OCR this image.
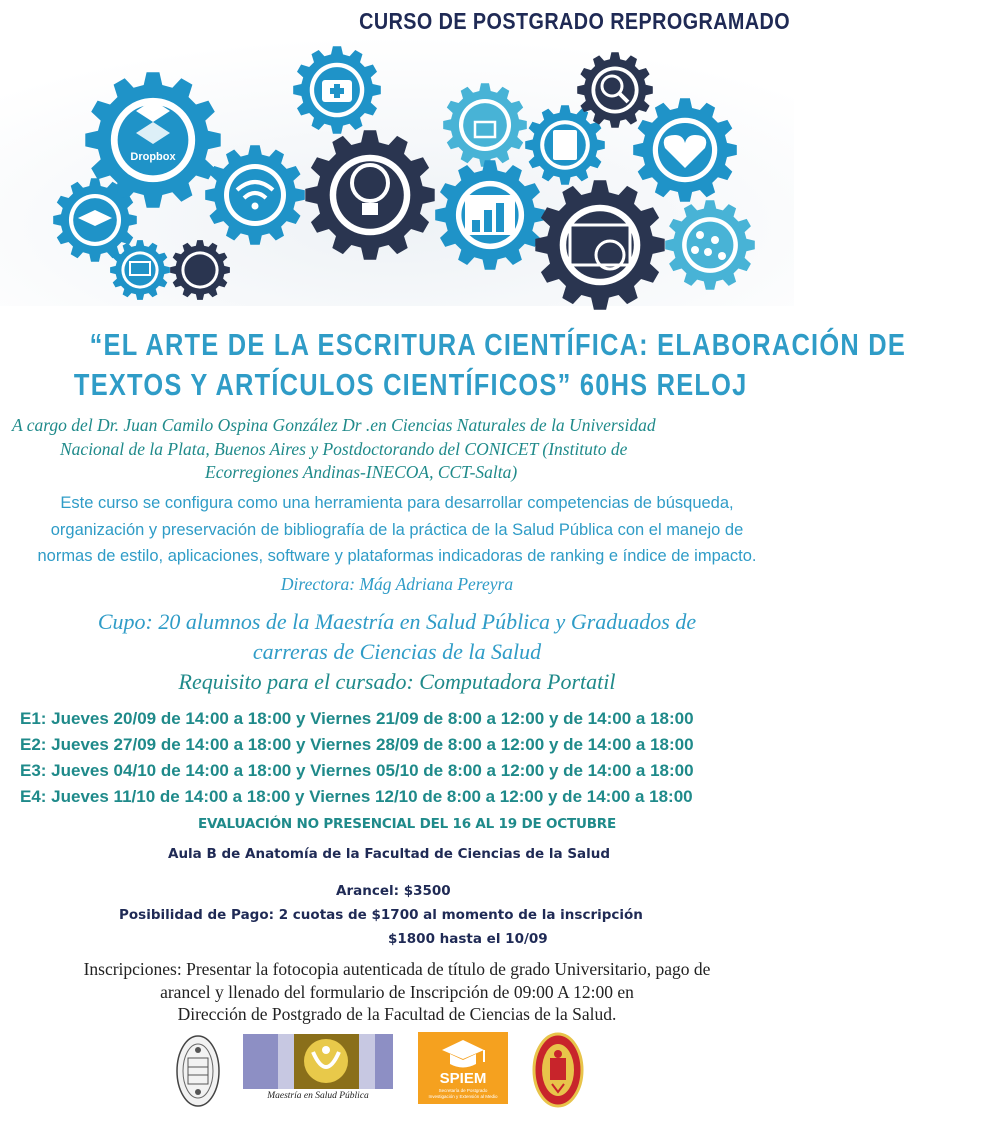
CURSO DE POSTGRADO REPROGRAMADO
Dropbox
“EL ARTE DE LA ESCRITURA CIENTÍFICA: ELABORACIÓN DE
TEXTOS Y ARTÍCULOS CIENTÍFICOS” 60HS RELOJ
A cargo del Dr. Juan Camilo Ospina González Dr .en Ciencias Naturales de la Universidad
Nacional de la Plata, Buenos Aires y Postdoctorando del CONICET (Instituto de
Ecorregiones Andinas-INECOA, CCT-Salta)
Este curso se configura como una herramienta para desarrollar competencias de búsqueda,
organización y preservación de bibliografía de la práctica de la Salud Pública con el manejo de
normas de estilo, aplicaciones, software y plataformas indicadoras de ranking e índice de impacto.
Directora: Mág Adriana Pereyra
Cupo: 20 alumnos de la Maestría en Salud Pública y Graduados de
carreras de Ciencias de la Salud
Requisito para el cursado: Computadora Portatil
E1: Jueves 20/09 de 14:00 a 18:00 y Viernes 21/09 de 8:00 a 12:00 y de 14:00 a 18:00
E2: Jueves 27/09 de 14:00 a 18:00 y Viernes 28/09 de 8:00 a 12:00 y de 14:00 a 18:00
E3: Jueves 04/10 de 14:00 a 18:00 y Viernes 05/10 de 8:00 a 12:00 y de 14:00 a 18:00
E4: Jueves 11/10 de 14:00 a 18:00 y Viernes 12/10 de 8:00 a 12:00 y de 14:00 a 18:00
EVALUACIÓN NO PRESENCIAL DEL 16 AL 19 DE OCTUBRE
Aula B de Anatomía de la Facultad de Ciencias de la Salud
Arancel: $3500
Posibilidad de Pago: 2 cuotas de $1700 al momento de la inscripción
$1800 hasta el 10/09
Inscripciones: Presentar la fotocopia autenticada de título de grado Universitario, pago de
arancel y llenado del formulario de Inscripción de 09:00 A 12:00 en
Dirección de Postgrado de la Facultad de Ciencias de la Salud.
Maestría en Salud Pública
SPIEM
Secretaría de Postgrado
Investigación y Extensión al Medio
